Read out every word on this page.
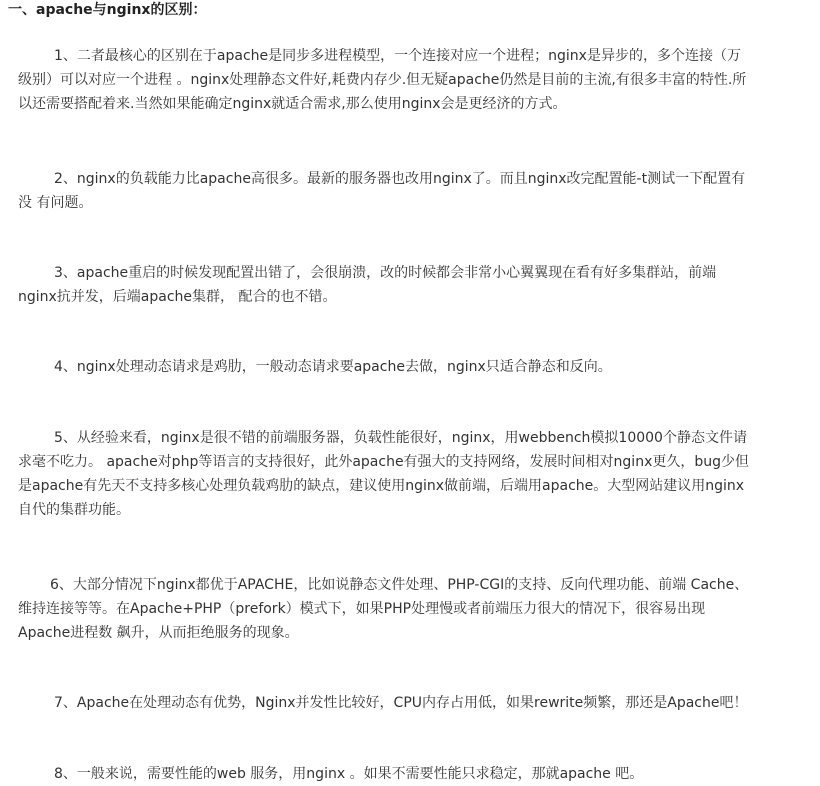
一、apache与nginx的区别：
1、二者最核心的区别在于apache是同步多进程模型，一个连接对应一个进程；nginx是异步的，多个连接（万
级别）可以对应一个进程 。nginx处理静态文件好,耗费内存少.但无疑apache仍然是目前的主流,有很多丰富的特性.所
以还需要搭配着来.当然如果能确定nginx就适合需求,那么使用nginx会是更经济的方式。
2、nginx的负载能力比apache高很多。最新的服务器也改用nginx了。而且nginx改完配置能-t测试一下配置有
没 有问题。
3、apache重启的时候发现配置出错了，会很崩溃，改的时候都会非常小心翼翼现在看有好多集群站，前端
nginx抗并发，后端apache集群， 配合的也不错。
4、nginx处理动态请求是鸡肋，一般动态请求要apache去做，nginx只适合静态和反向。
5、从经验来看，nginx是很不错的前端服务器，负载性能很好，nginx，用webbench模拟10000个静态文件请
求毫不吃力。 apache对php等语言的支持很好，此外apache有强大的支持网络，发展时间相对nginx更久，bug少但
是apache有先天不支持多核心处理负载鸡肋的缺点，建议使用nginx做前端，后端用apache。大型网站建议用nginx
自代的集群功能。
6、大部分情况下nginx都优于APACHE，比如说静态文件处理、PHP-CGI的支持、反向代理功能、前端 Cache、
维持连接等等。在Apache+PHP（prefork）模式下，如果PHP处理慢或者前端压力很大的情况下，很容易出现
Apache进程数 飙升，从而拒绝服务的现象。
7、Apache在处理动态有优势，Nginx并发性比较好，CPU内存占用低，如果rewrite频繁，那还是Apache吧！
8、一般来说，需要性能的web 服务，用nginx 。如果不需要性能只求稳定，那就apache 吧。
